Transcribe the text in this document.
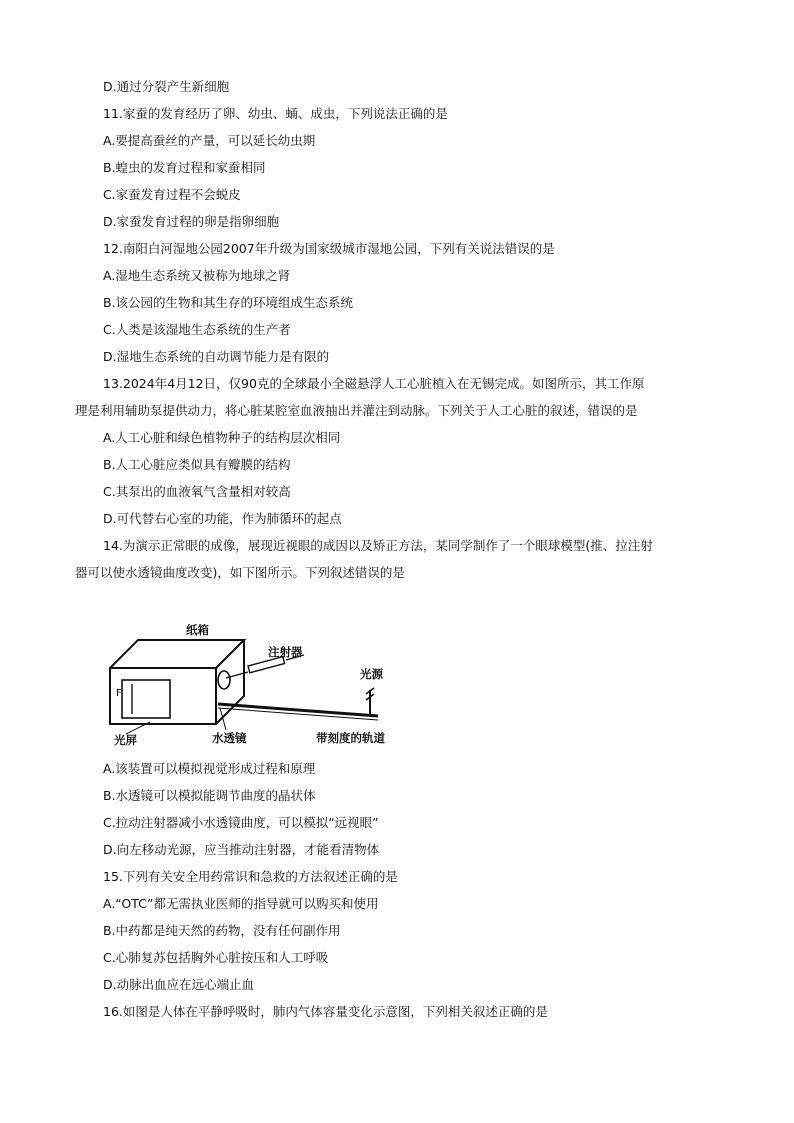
D.通过分裂产生新细胞
11.家蚕的发育经历了卵、幼虫、蛹、成虫，下列说法正确的是
A.要提高蚕丝的产量，可以延长幼虫期
B.蝗虫的发育过程和家蚕相同
C.家蚕发育过程不会蜕皮
D.家蚕发育过程的卵是指卵细胞
12.南阳白河湿地公园2007年升级为国家级城市湿地公园，下列有关说法错误的是
A.湿地生态系统又被称为地球之肾
B.该公园的生物和其生存的环境组成生态系统
C.人类是该湿地生态系统的生产者
D.湿地生态系统的自动调节能力是有限的
13.2024年4月12日，仅90克的全球最小全磁悬浮人工心脏植入在无锡完成。如图所示，其工作原
理是利用辅助泵提供动力，将心脏某腔室血液抽出并灌注到动脉。下列关于人工心脏的叙述，错误的是
A.人工心脏和绿色植物种子的结构层次相同
B.人工心脏应类似具有瓣膜的结构
C.其泵出的血液氧气含量相对较高
D.可代替右心室的功能，作为肺循环的起点
14.为演示正常眼的成像，展现近视眼的成因以及矫正方法，某同学制作了一个眼球模型(推、拉注射
器可以使水透镜曲度改变)，如下图所示。下列叙述错误的是
纸箱
注射器
光源
F
光屏	水透镜	带刻度的轨道
A.该装置可以模拟视觉形成过程和原理
B.水透镜可以模拟能调节曲度的晶状体
C.拉动注射器减小水透镜曲度，可以模拟“远视眼”
D.向左移动光源，应当推动注射器，才能看清物体
15.下列有关安全用药常识和急救的方法叙述正确的是
A.“OTC”都无需执业医师的指导就可以购买和使用
B.中药都是纯天然的药物，没有任何副作用
C.心肺复苏包括胸外心脏按压和人工呼吸
D.动脉出血应在远心端止血
16.如图是人体在平静呼吸时，肺内气体容量变化示意图，下列相关叙述正确的是
